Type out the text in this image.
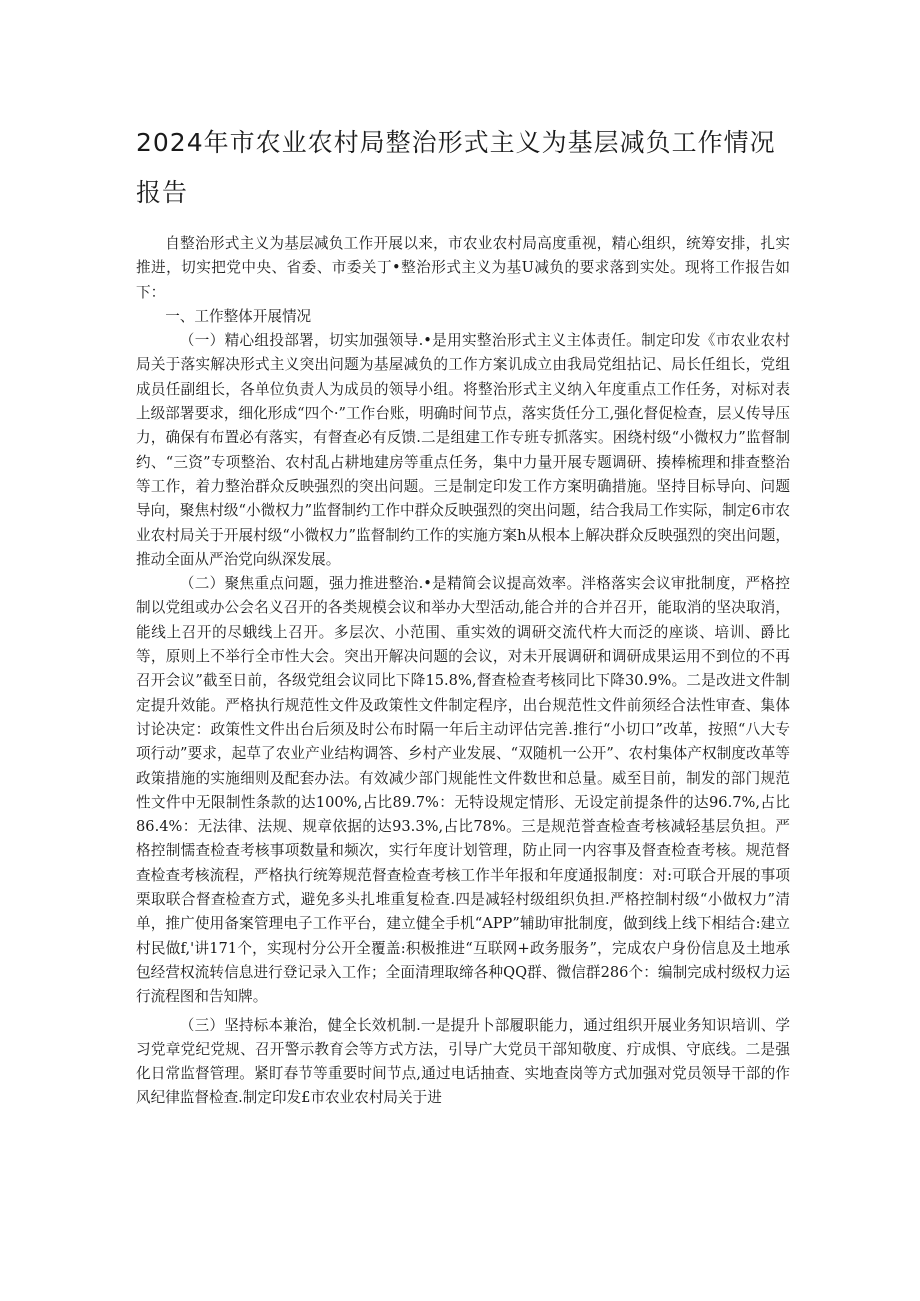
2024年市农业农村局整治形式主义为基层减负工作情况报告

自整治形式主义为基层减负工作开展以来，市农业农村局高度重视，精心组织，统筹安排，扎实推进，切实把党中央、省委、市委关丁•整治形式主义为基U减负的要求落到实处。现将工作报告如下：

一、工作整体开展情况

（一）精心组投部署，切实加强领导.•是用实整治形式主义主体责任。制定印发《市农业农村局关于落实解决形式主义突出问题为基屋减负的工作方案讥成立由我局党组拈记、局长任组长，党组成员任副组长，各单位负责人为成员的领导小组。将整治形式主义纳入年度重点工作任务，对标对表上级部署要求，细化形成“四个·”工作台账，明确时间节点，落实货任分工,强化督促检查，层乂传导压力，确保有布置必有落实，有督查必有反馈.二是组建工作专班专抓落实。困绕村级“小微权力”监督制约、“三资”专项整治、农村乱占耕地建房等重点任务，集中力量开展专题调研、揍棒梳理和排查整治等工作，着力整治群众反映强烈的突出问题。三是制定印发工作方案明确措施。坚持目标导向、问题导向，聚焦村级“小微权力”监督制约工作中群众反映强烈的突出问题，结合我局工作实际，制定6市农业农村局关于开展村级“小微权力”监督制约工作的实施方案h从根本上解决群众反映强烈的突出问题，推动全面从严治党向纵深发展。

（二）聚焦重点问题，强力推进整治.•是精简会议提高效率。泮格落实会议审批制度，严格控制以党组或办公会名义召开的各类规模会议和举办大型活动,能合并的合并召开，能取消的坚决取消，能线上召开的尽蛾线上召开。多层次、小范围、重实效的调研交流代杵大而泛的座谈、培训、爵比等，原则上不举行全市性大会。突出开解决问题的会议，对未开展调研和调研成果运用不到位的不再召开会议”截至日前，各级党组会议同比下降15.8%,督查检查考核同比下降30.9%。二是改进文件制定提升效能。严格执行规范性文件及政策性文件制定程序，出台规范性文件前须经合法性审查、集体讨论决定：政策性文件出台后须及时公布时隔一年后主动评估完善.推行“小切口”改革，按照“八大专项行动”要求，起草了农业产业结构调答、乡村产业发展、“双随机一公开”、农村集体产权制度改革等政策措施的实施细则及配套办法。有效减少部门规能性文件数世和总量。威至目前，制发的部门规范性文件中无限制性条款的达100%,占比89.7%：无特设规定情形、无设定前提条件的达96.7%,占比86.4%：无法律、法规、规章依据的达93.3%,占比78%。三是规范誉查检查考核减轻基层负担。严格控制懦查检查考核事项数量和频次，实行年度计划管理，防止同一内容事及督查检查考核。规范督查检查考核流程，严格执行统筹规范督查检查考核工作半年报和年度通报制度：对:可联合开展的事项栗取联合督查检查方式，避免多头扎堆重复检查.四是减轻村级组织负担.严格控制村级“小做权力”清单，推广使用备案管理电子工作平台，建立健全手机“APP”辅助审批制度，做到线上线下相结合:建立村民做f,'讲171个，实现村分公开全覆盖:积极推进“互联网+政务服务”，完成农户身份信息及土地承包经营权流转信息进行登记录入工作；全面清理取缔各种QQ群、微信群286个：编制完成村级权力运行流程图和告知牌。

（三）坚持标本兼治，健全长效机制.一是提升卜部履职能力，通过组织开展业务知识培训、学习党章党纪党规、召开警示教育会等方式方法，引导广大党员干部知敬度、疔成惧、守底线。二是强化日常监督管理。紧盯春节等重要时间节点,通过电话抽查、实地查岗等方式加强对党员领导干部的作风纪律监督检查.制定印发£市农业农村局关于进
